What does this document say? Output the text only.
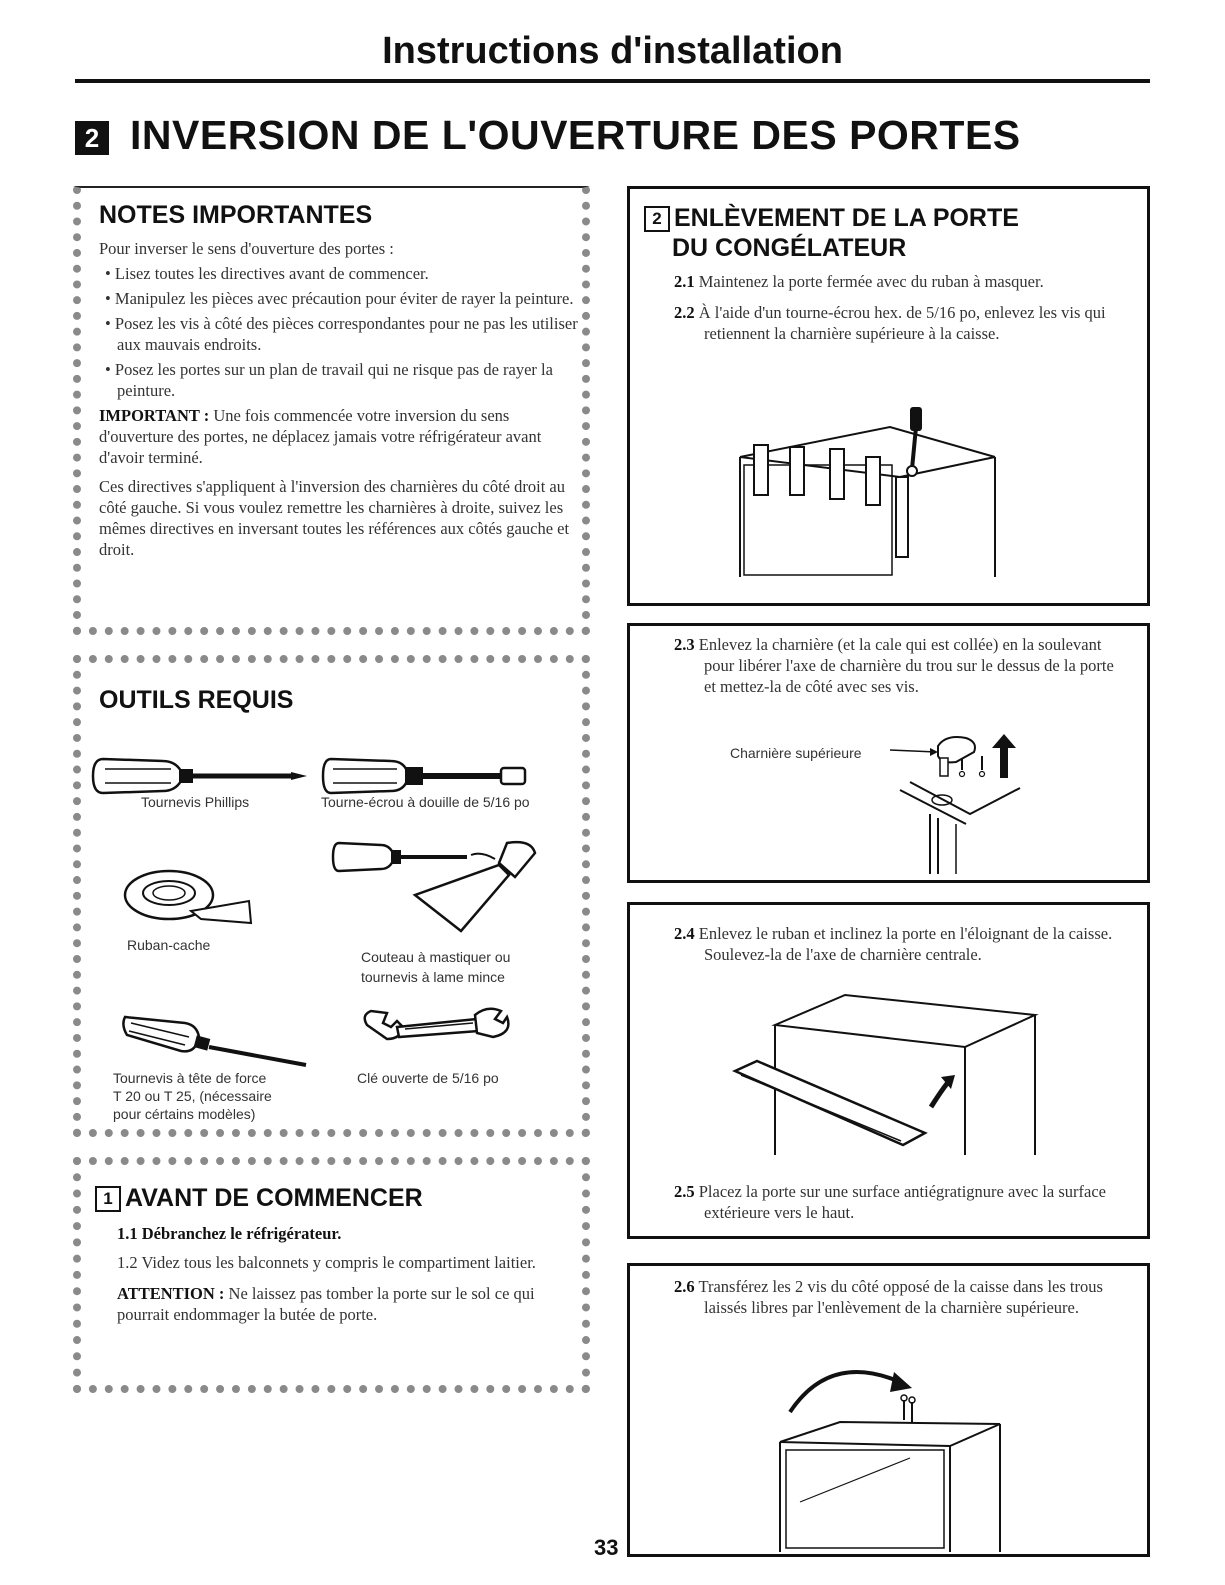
Instructions d'installation
2 INVERSION DE L'OUVERTURE DES PORTES
NOTES IMPORTANTES
Pour inverser le sens d'ouverture des portes :
• Lisez toutes les directives avant de commencer.
• Manipulez les pièces avec précaution pour éviter de rayer la peinture.
• Posez les vis à côté des pièces correspondantes pour ne pas les utiliser aux mauvais endroits.
• Posez les portes sur un plan de travail qui ne risque pas de rayer la peinture.
IMPORTANT : Une fois commencée votre inversion du sens d'ouverture des portes, ne déplacez jamais votre réfrigérateur avant d'avoir terminé.
Ces directives s'appliquent à l'inversion des charnières du côté droit au côté gauche. Si vous voulez remettre les charnières à droite, suivez les mêmes directives en inversant toutes les références aux côtés gauche et droit.
OUTILS REQUIS
Tournevis Phillips	Tourne-écrou à douille de 5/16 po
Ruban-cache
Couteau à mastiquer ou
tournevis à lame mince
Tournevis à tête de force
T 20 ou T 25, (nécessaire
pour cértains modèles)
Clé ouverte de 5/16 po
1 AVANT DE COMMENCER
1.1 Débranchez le réfrigérateur.
1.2 Videz tous les balconnets y compris le compartiment laitier.
ATTENTION : Ne laissez pas tomber la porte sur le sol ce qui pourrait endommager la butée de porte.
2 ENLÈVEMENT DE LA PORTE
DU CONGÉLATEUR
2.1 Maintenez la porte fermée avec du ruban à masquer.
2.2 À l'aide d'un tourne-écrou hex. de 5/16 po, enlevez les vis qui retiennent la charnière supérieure à la caisse.
2.3 Enlevez la charnière (et la cale qui est collée) en la soulevant pour libérer l'axe de charnière du trou sur le dessus de la porte et mettez-la de côté avec ses vis.
Charnière supérieure
2.4 Enlevez le ruban et inclinez la porte en l'éloignant de la caisse. Soulevez-la de l'axe de charnière centrale.
2.5 Placez la porte sur une surface antiégratignure avec la surface extérieure vers le haut.
2.6 Transférez les 2 vis du côté opposé de la caisse dans les trous laissés libres par l'enlèvement de la charnière supérieure.
33
